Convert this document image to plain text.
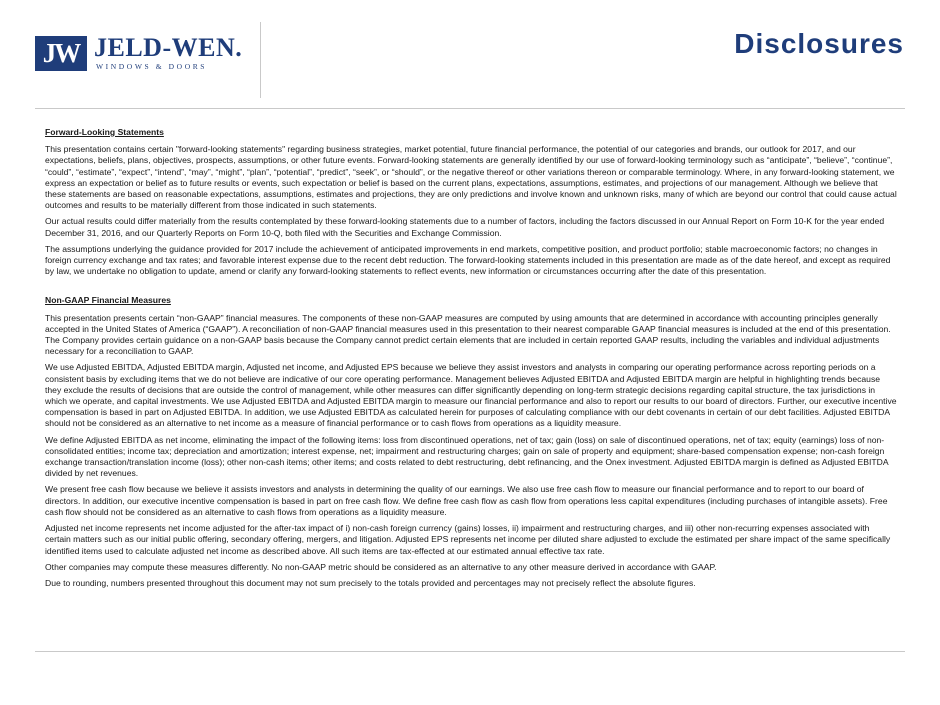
JW JELD-WEN.
WINDOWS & DOORS
Disclosures
Forward-Looking Statements

This presentation contains certain "forward-looking statements" regarding business strategies, market potential, future financial performance, the potential of our categories and brands, our outlook for 2017, and our expectations, beliefs, plans, objectives, prospects, assumptions, or other future events. Forward-looking statements are generally identified by our use of forward-looking terminology such as “anticipate”, “believe”, “continue”, “could”, “estimate”, “expect”, “intend”, “may”, “might”, “plan”, “potential”, “predict”, “seek”, or “should”, or the negative thereof or other variations thereon or comparable terminology. Where, in any forward-looking statement, we express an expectation or belief as to future results or events, such expectation or belief is based on the current plans, expectations, assumptions, estimates, and projections of our management. Although we believe that these statements are based on reasonable expectations, assumptions, estimates and projections, they are only predictions and involve known and unknown risks, many of which are beyond our control that could cause actual outcomes and results to be materially different from those indicated in such statements.

Our actual results could differ materially from the results contemplated by these forward-looking statements due to a number of factors, including the factors discussed in our Annual Report on Form 10-K for the year ended December 31, 2016, and our Quarterly Reports on Form 10-Q, both filed with the Securities and Exchange Commission.

The assumptions underlying the guidance provided for 2017 include the achievement of anticipated improvements in end markets, competitive position, and product portfolio; stable macroeconomic factors; no changes in foreign currency exchange and tax rates; and favorable interest expense due to the recent debt reduction. The forward-looking statements included in this presentation are made as of the date hereof, and except as required by law, we undertake no obligation to update, amend or clarify any forward-looking statements to reflect events, new information or circumstances occurring after the date of this presentation.

Non-GAAP Financial Measures

This presentation presents certain “non-GAAP” financial measures. The components of these non-GAAP measures are computed by using amounts that are determined in accordance with accounting principles generally accepted in the United States of America (“GAAP”). A reconciliation of non-GAAP financial measures used in this presentation to their nearest comparable GAAP financial measures is included at the end of this presentation. The Company provides certain guidance on a non-GAAP basis because the Company cannot predict certain elements that are included in certain reported GAAP results, including the variables and individual adjustments necessary for a reconciliation to GAAP.

We use Adjusted EBITDA, Adjusted EBITDA margin, Adjusted net income, and Adjusted EPS because we believe they assist investors and analysts in comparing our operating performance across reporting periods on a consistent basis by excluding items that we do not believe are indicative of our core operating performance. Management believes Adjusted EBITDA and Adjusted EBITDA margin are helpful in highlighting trends because they exclude the results of decisions that are outside the control of management, while other measures can differ significantly depending on long-term strategic decisions regarding capital structure, the tax jurisdictions in which we operate, and capital investments. We use Adjusted EBITDA and Adjusted EBITDA margin to measure our financial performance and also to report our results to our board of directors. Further, our executive incentive compensation is based in part on Adjusted EBITDA. In addition, we use Adjusted EBITDA as calculated herein for purposes of calculating compliance with our debt covenants in certain of our debt facilities. Adjusted EBITDA should not be considered as an alternative to net income as a measure of financial performance or to cash flows from operations as a liquidity measure.

We define Adjusted EBITDA as net income, eliminating the impact of the following items: loss from discontinued operations, net of tax; gain (loss) on sale of discontinued operations, net of tax; equity (earnings) loss of non-consolidated entities; income tax; depreciation and amortization; interest expense, net; impairment and restructuring charges; gain on sale of property and equipment; share-based compensation expense; non-cash foreign exchange transaction/translation income (loss); other non-cash items; other items; and costs related to debt restructuring, debt refinancing, and the Onex investment. Adjusted EBITDA margin is defined as Adjusted EBITDA divided by net revenues.

We present free cash flow because we believe it assists investors and analysts in determining the quality of our earnings. We also use free cash flow to measure our financial performance and to report to our board of directors. In addition, our executive incentive compensation is based in part on free cash flow. We define free cash flow as cash flow from operations less capital expenditures (including purchases of intangible assets). Free cash flow should not be considered as an alternative to cash flows from operations as a liquidity measure.

Adjusted net income represents net income adjusted for the after-tax impact of i) non-cash foreign currency (gains) losses, ii) impairment and restructuring charges, and iii) other non-recurring expenses associated with certain matters such as our initial public offering, secondary offering, mergers, and litigation. Adjusted EPS represents net income per diluted share adjusted to exclude the estimated per share impact of the same specifically identified items used to calculate adjusted net income as described above. All such items are tax-effected at our estimated annual effective tax rate.

Other companies may compute these measures differently. No non-GAAP metric should be considered as an alternative to any other measure derived in accordance with GAAP.

Due to rounding, numbers presented throughout this document may not sum precisely to the totals provided and percentages may not precisely reflect the absolute figures.
